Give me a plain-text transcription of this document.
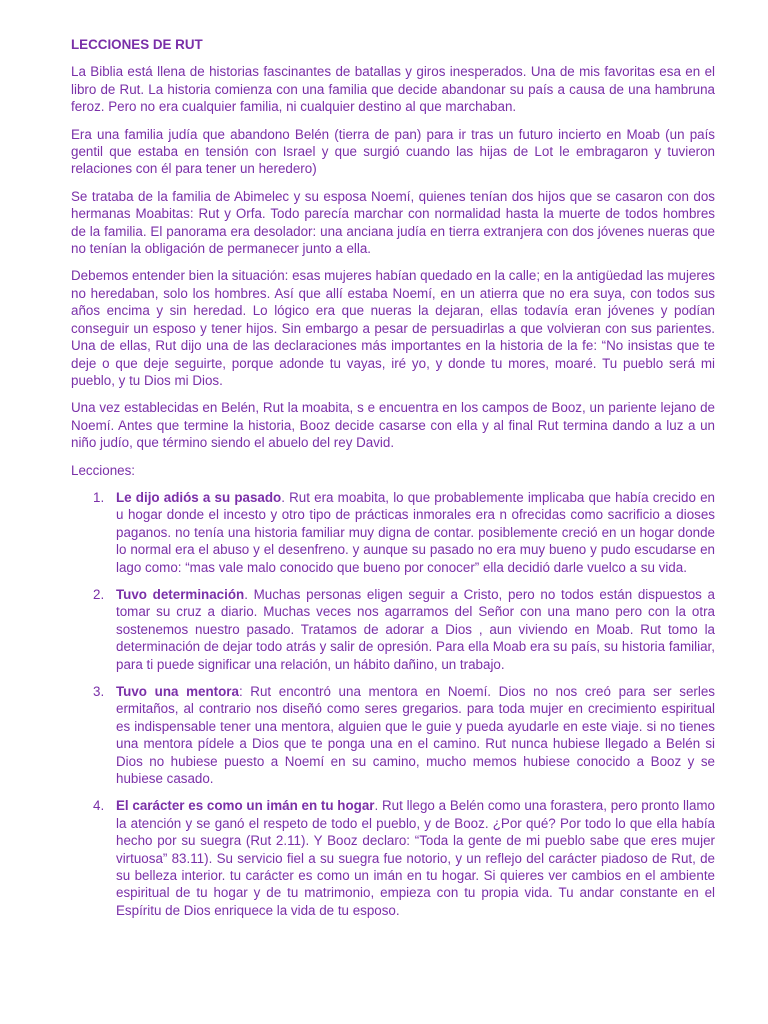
LECCIONES DE RUT

La Biblia está llena de historias fascinantes de batallas y giros inesperados. Una de mis favoritas esa en el libro de Rut. La historia comienza con una familia que decide abandonar su país a causa de una hambruna feroz. Pero no era cualquier familia, ni cualquier destino al que marchaban.

Era una familia judía que abandono Belén (tierra de pan) para ir tras un futuro incierto en Moab (un país gentil que estaba en tensión con Israel y que surgió cuando las hijas de Lot le embragaron y tuvieron relaciones con él para tener un heredero)

Se trataba de la familia de Abimelec y su esposa Noemí, quienes tenían dos hijos que se casaron con dos hermanas Moabitas: Rut y Orfa. Todo parecía marchar con normalidad hasta la muerte de todos hombres de la familia. El panorama era desolador: una anciana judía en tierra extranjera con dos jóvenes nueras que no tenían la obligación de permanecer junto a ella.

Debemos entender bien la situación: esas mujeres habían quedado en la calle; en la antigüedad las mujeres no heredaban, solo los hombres. Así que allí estaba Noemí, en un atierra que no era suya, con todos sus años encima y sin heredad. Lo lógico era que nueras la dejaran, ellas todavía eran jóvenes y podían conseguir un esposo y tener hijos. Sin embargo a pesar de persuadirlas a que volvieran con sus parientes. Una de ellas, Rut dijo una de las declaraciones más importantes en la historia de la fe: “No insistas que te deje o que deje seguirte, porque adonde tu vayas, iré yo, y donde tu mores, moaré. Tu pueblo será mi pueblo, y tu Dios mi Dios.

Una vez establecidas en Belén, Rut la moabita, s e encuentra en los campos de Booz, un pariente lejano de Noemí. Antes que termine la historia, Booz decide casarse con ella y al final Rut termina dando a luz a un niño judío, que término siendo el abuelo del rey David.

Lecciones:

1. Le dijo adiós a su pasado. Rut era moabita, lo que probablemente implicaba que había crecido en u hogar donde el incesto y otro tipo de prácticas inmorales era n ofrecidas como sacrificio a dioses paganos. no tenía una historia familiar muy digna de contar. posiblemente creció en un hogar donde lo normal era el abuso y el desenfreno. y aunque su pasado no era muy bueno y pudo escudarse en lago como: “mas vale malo conocido que bueno por conocer” ella decidió darle vuelco a su vida.
2. Tuvo determinación. Muchas personas eligen seguir a Cristo, pero no todos están dispuestos a tomar su cruz a diario. Muchas veces nos agarramos del Señor con una mano pero con la otra sostenemos nuestro pasado. Tratamos de adorar a Dios , aun viviendo en Moab. Rut tomo la determinación de dejar todo atrás y salir de opresión. Para ella Moab era su país, su historia familiar, para ti puede significar una relación, un hábito dañino, un trabajo.
3. Tuvo una mentora: Rut encontró una mentora en Noemí. Dios no nos creó para ser serles ermitaños, al contrario nos diseñó como seres gregarios. para toda mujer en crecimiento espiritual es indispensable tener una mentora, alguien que le guie y pueda ayudarle en este viaje. si no tienes una mentora pídele a Dios que te ponga una en el camino. Rut nunca hubiese llegado a Belén si Dios no hubiese puesto a Noemí en su camino, mucho memos hubiese conocido a Booz y se hubiese casado.
4. El carácter es como un imán en tu hogar. Rut llego a Belén como una forastera, pero pronto llamo la atención y se ganó el respeto de todo el pueblo, y de Booz. ¿Por qué? Por todo lo que ella había hecho por su suegra (Rut 2.11). Y Booz declaro: “Toda la gente de mi pueblo sabe que eres mujer virtuosa” 83.11). Su servicio fiel a su suegra fue notorio, y un reflejo del carácter piadoso de Rut, de su belleza interior. tu carácter es como un imán en tu hogar. Si quieres ver cambios en el ambiente espiritual de tu hogar y de tu matrimonio, empieza con tu propia vida. Tu andar constante en el Espíritu de Dios enriquece la vida de tu esposo.
